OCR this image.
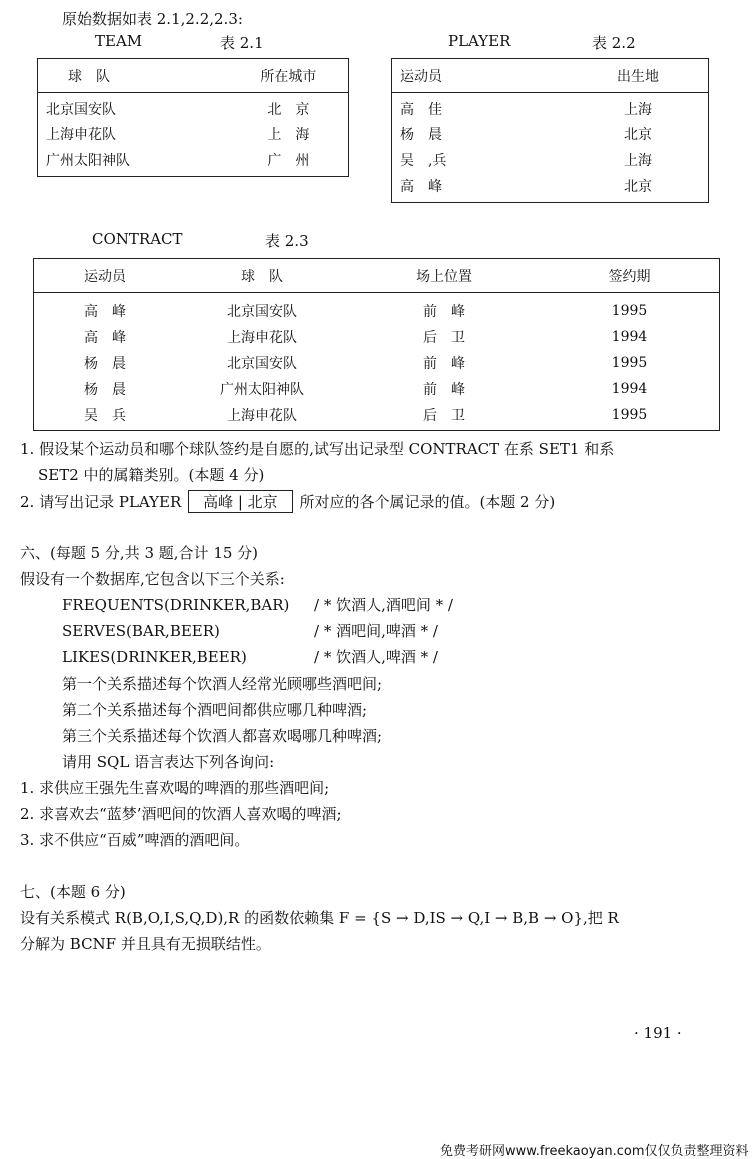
原始数据如表 2.1,2.2,2.3:
TEAM	表 2.1
球　队	所在城市
北京国安队	北　京
上海申花队	上　海
广州太阳神队	广　州
PLAYER	表 2.2
运动员	出生地
高　佳	上海
杨　晨	北京
吴　,兵	上海
高　峰	北京
CONTRACT	表 2.3
运动员	球　队	场上位置	签约期
高　峰	北京国安队	前　峰	1995
高　峰	上海申花队	后　卫	1994
杨　晨	北京国安队	前　峰	1995
杨　晨	广州太阳神队	前　峰	1994
吴　兵	上海申花队	后　卫	1995
1. 假设某个运动员和哪个球队签约是自愿的,试写出记录型 CONTRACT 在系 SET1 和系
SET2 中的属籍类别。(本题 4 分)
2. 请写出记录 PLAYER 高峰 | 北京 所对应的各个属记录的值。(本题 2 分)
六、(每题 5 分,共 3 题,合计 15 分)
假设有一个数据库,它包含以下三个关系:
FREQUENTS(DRINKER,BAR) / * 饮酒人,酒吧间 * /
SERVES(BAR,BEER)	/ * 酒吧间,啤酒 * /
LIKES(DRINKER,BEER)	/ * 饮酒人,啤酒 * /
第一个关系描述每个饮酒人经常光顾哪些酒吧间;
第二个关系描述每个酒吧间都供应哪几种啤酒;
第三个关系描述每个饮酒人都喜欢喝哪几种啤酒;
请用 SQL 语言表达下列各询问:
1. 求供应王强先生喜欢喝的啤酒的那些酒吧间;
2. 求喜欢去“蓝梦’酒吧间的饮酒人喜欢喝的啤酒;
3. 求不供应“百威”啤酒的酒吧间。
七、(本题 6 分)
设有关系模式 R(B,O,I,S,Q,D),R 的函数依赖集 F = {S → D,IS → Q,I → B,B → O},把 R
分解为 BCNF 并且具有无损联结性。
· 191 ·
免费考研网www.freekaoyan.com仅仅负责整理资料
